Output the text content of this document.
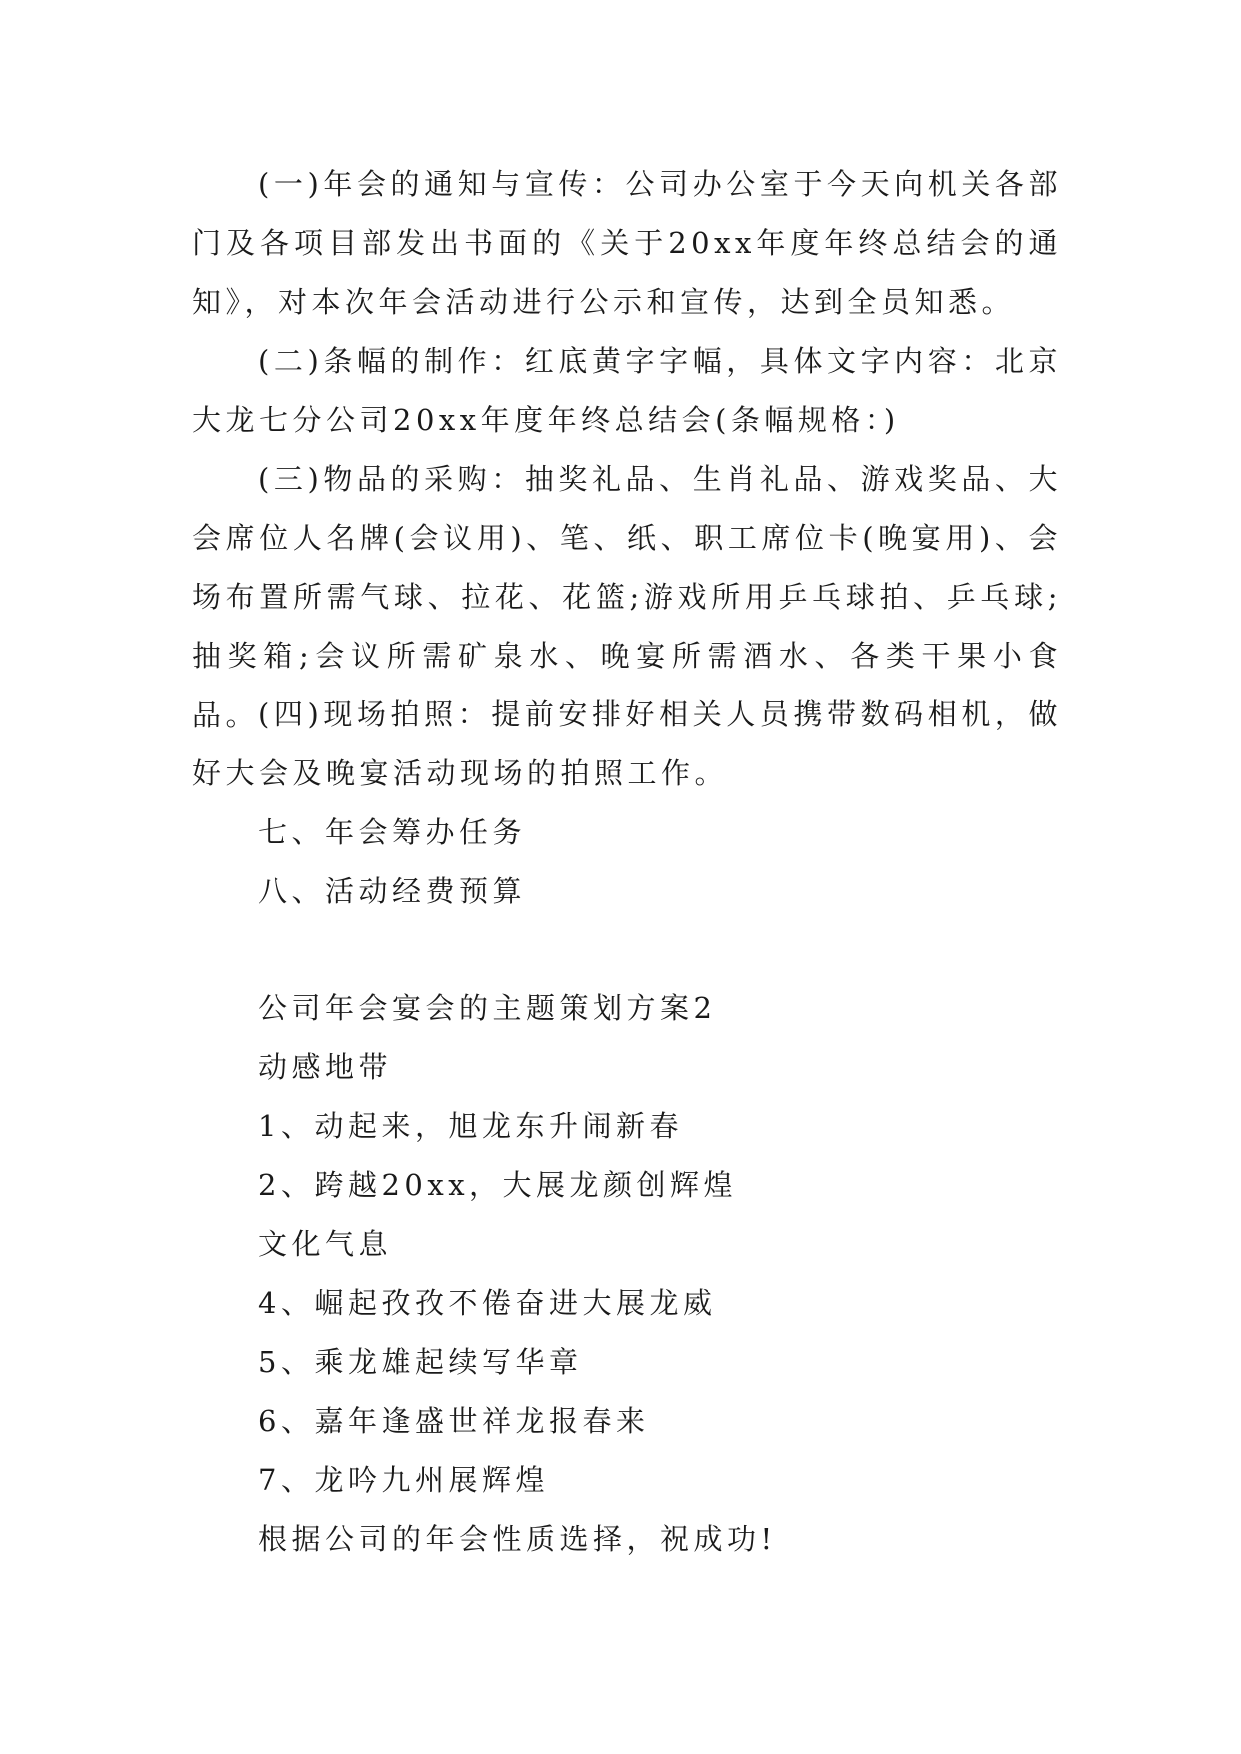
(一)年会的通知与宣传：公司办公室于今天向机关各部门及各项目部发出书面的《关于20xx年度年终总结会的通知》，对本次年会活动进行公示和宣传，达到全员知悉。

(二)条幅的制作：红底黄字字幅，具体文字内容：北京大龙七分公司20xx年度年终总结会(条幅规格：)

(三)物品的采购：抽奖礼品、生肖礼品、游戏奖品、大会席位人名牌(会议用)、笔、纸、职工席位卡(晚宴用)、会场布置所需气球、拉花、花篮;游戏所用乒乓球拍、乒乓球;抽奖箱;会议所需矿泉水、晚宴所需酒水、各类干果小食品。

(四)现场拍照：提前安排好相关人员携带数码相机，做好大会及晚宴活动现场的拍照工作。

七、年会筹办任务

八、活动经费预算

公司年会宴会的主题策划方案2

动感地带

1、动起来，旭龙东升闹新春

2、跨越20xx，大展龙颜创辉煌

文化气息

4、崛起孜孜不倦奋进大展龙威

5、乘龙雄起续写华章

6、嘉年逢盛世祥龙报春来

7、龙吟九州展辉煌

根据公司的年会性质选择，祝成功!
